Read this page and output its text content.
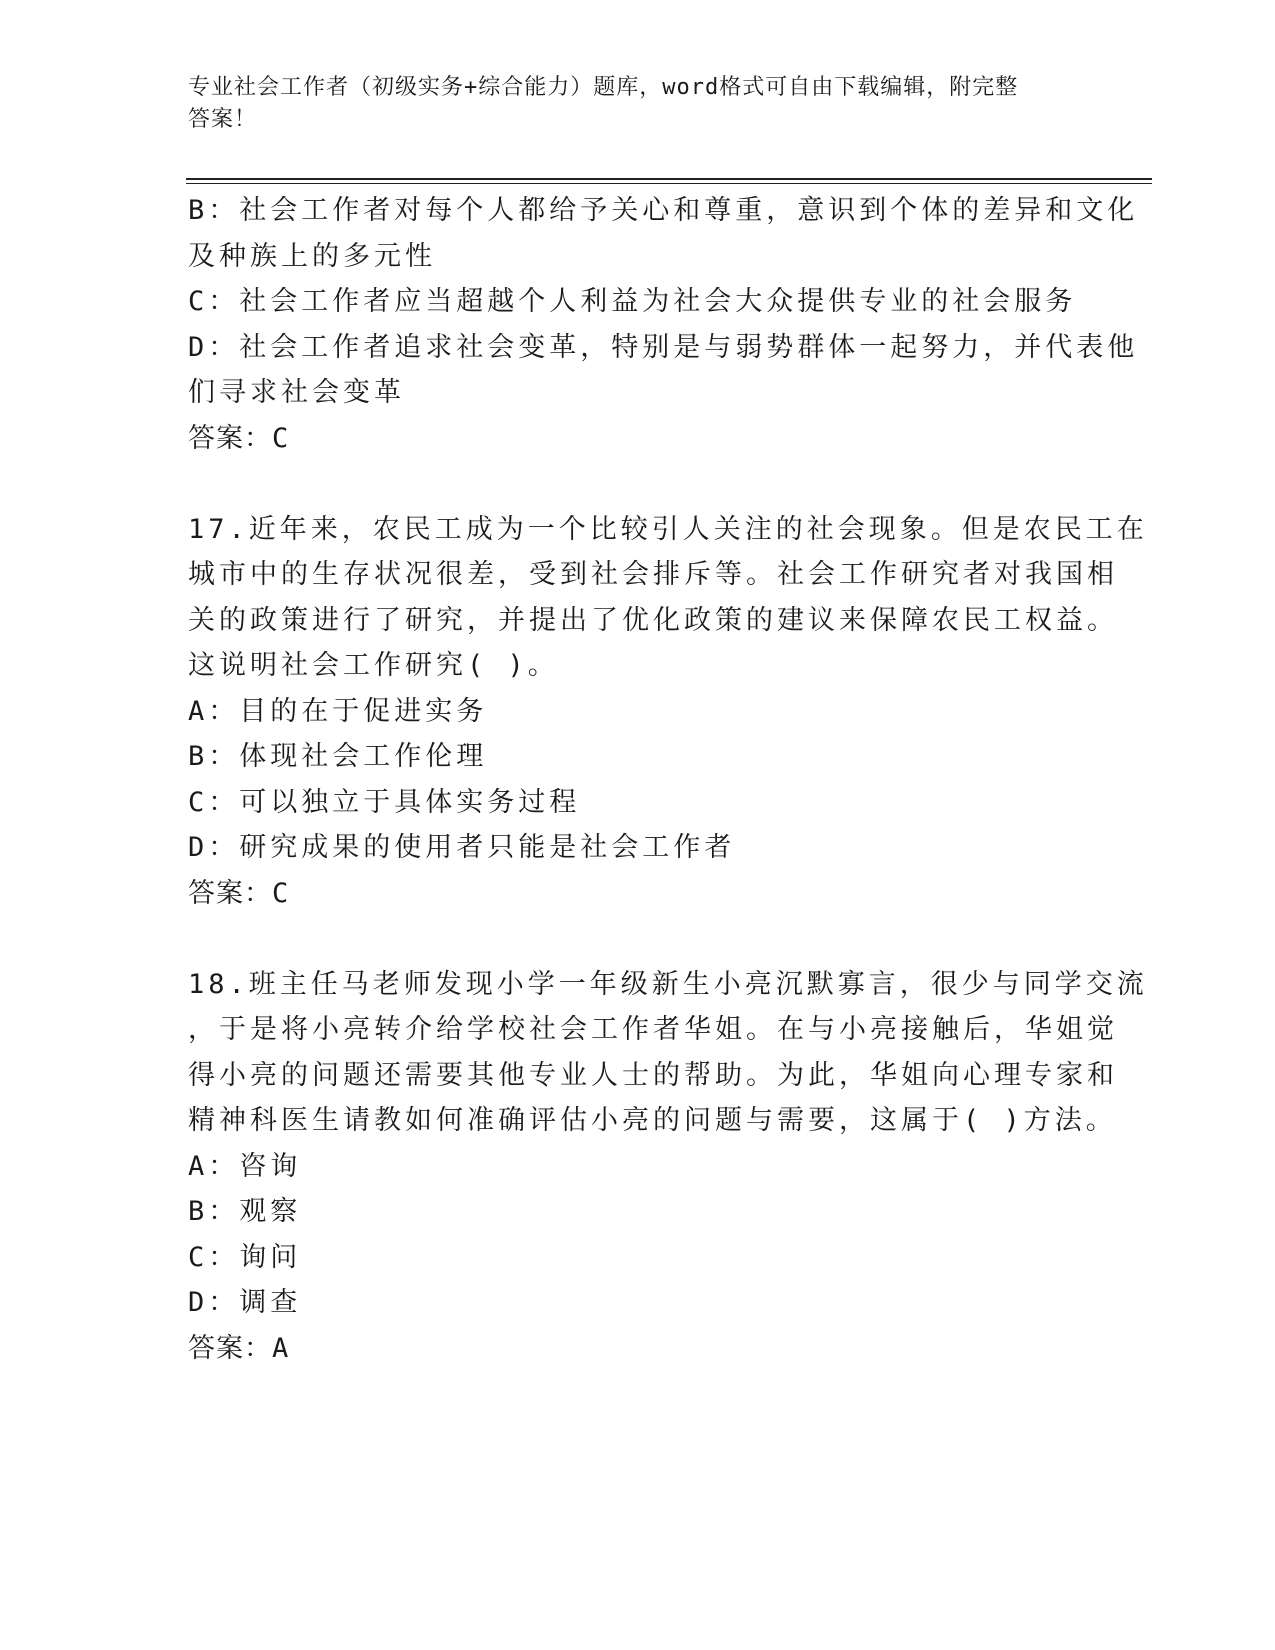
专业社会工作者（初级实务+综合能力）题库，word格式可自由下载编辑，附完整
答案！
B：社会工作者对每个人都给予关心和尊重，意识到个体的差异和文化
及种族上的多元性
C：社会工作者应当超越个人利益为社会大众提供专业的社会服务
D：社会工作者追求社会变革，特别是与弱势群体一起努力，并代表他
们寻求社会变革
答案：C
17.近年来，农民工成为一个比较引人关注的社会现象。但是农民工在
城市中的生存状况很差，受到社会排斥等。社会工作研究者对我国相
关的政策进行了研究，并提出了优化政策的建议来保障农民工权益。
这说明社会工作研究( )。
A：目的在于促进实务
B：体现社会工作伦理
C：可以独立于具体实务过程
D：研究成果的使用者只能是社会工作者
答案：C
18.班主任马老师发现小学一年级新生小亮沉默寡言，很少与同学交流
，于是将小亮转介给学校社会工作者华姐。在与小亮接触后，华姐觉
得小亮的问题还需要其他专业人士的帮助。为此，华姐向心理专家和
精神科医生请教如何准确评估小亮的问题与需要，这属于( )方法。
A：咨询
B：观察
C：询问
D：调查
答案：A
